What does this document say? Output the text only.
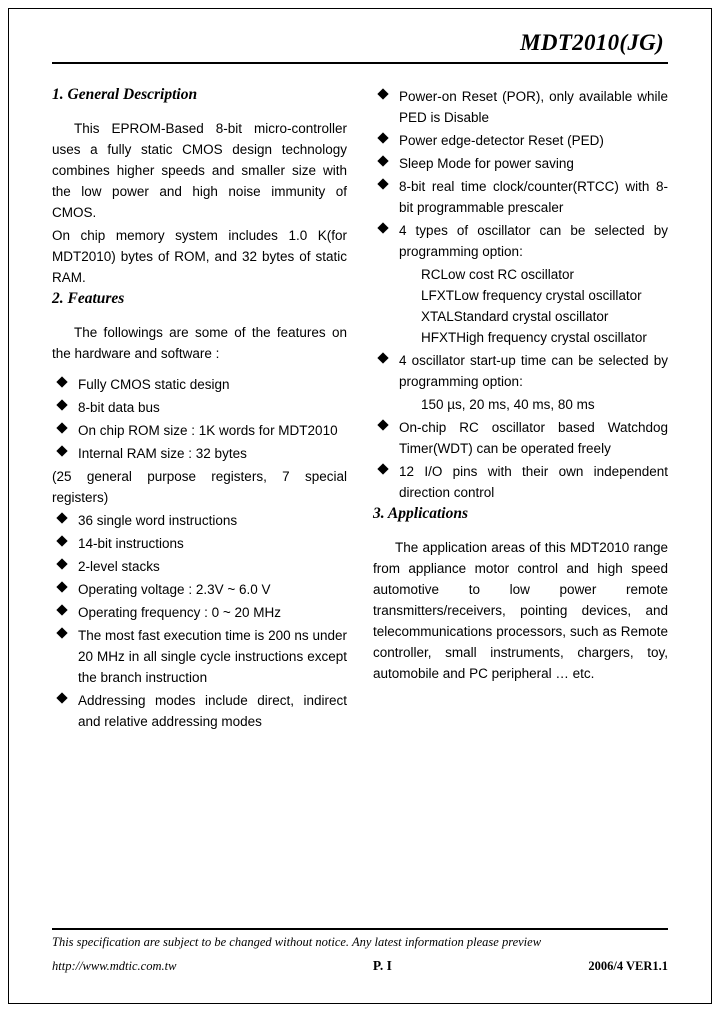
MDT2010(JG)
1. General Description

This EPROM-Based 8-bit micro-controller uses a fully static CMOS design technology combines higher speeds and smaller size with the low power and high noise immunity of CMOS.

On chip memory system includes 1.0 K(for MDT2010) bytes of ROM, and 32 bytes of static RAM.

2. Features

The followings are some of the features on the hardware and software :

Fully CMOS static design
8-bit data bus
On chip ROM size : 1K words for MDT2010
Internal RAM size : 32 bytes
(25 general purpose registers, 7 special registers)
36 single word instructions
14-bit instructions
2-level stacks
Operating voltage : 2.3V ~ 6.0 V
Operating frequency : 0 ~ 20 MHz
The most fast execution time is 200 ns under 20 MHz in all single cycle instructions except the branch instruction
Addressing modes include direct, indirect and relative addressing modes
Power-on Reset (POR), only available while PED is Disable
Power edge-detector Reset (PED)
Sleep Mode for power saving
8-bit real time clock/counter(RTCC) with 8-bit programmable prescaler
4 types of oscillator can be selected by programming option:
RCLow cost RC oscillator
LFXTLow frequency crystal oscillator
XTALStandard crystal oscillator
HFXTHigh frequency crystal oscillator
4 oscillator start-up time can be selected by programming option:
150 µs, 20 ms, 40 ms, 80 ms
On-chip RC oscillator based Watchdog Timer(WDT) can be operated freely
12 I/O pins with their own independent direction control
3. Applications

The application areas of this MDT2010 range from appliance motor control and high speed automotive to low power remote transmitters/receivers, pointing devices, and telecommunications processors, such as Remote controller, small instruments, chargers, toy, automobile and PC peripheral … etc.

This specification are subject to be changed without notice. Any latest information please preview
http://www.mdtic.com.tw	P. I	2006/4 VER1.1
